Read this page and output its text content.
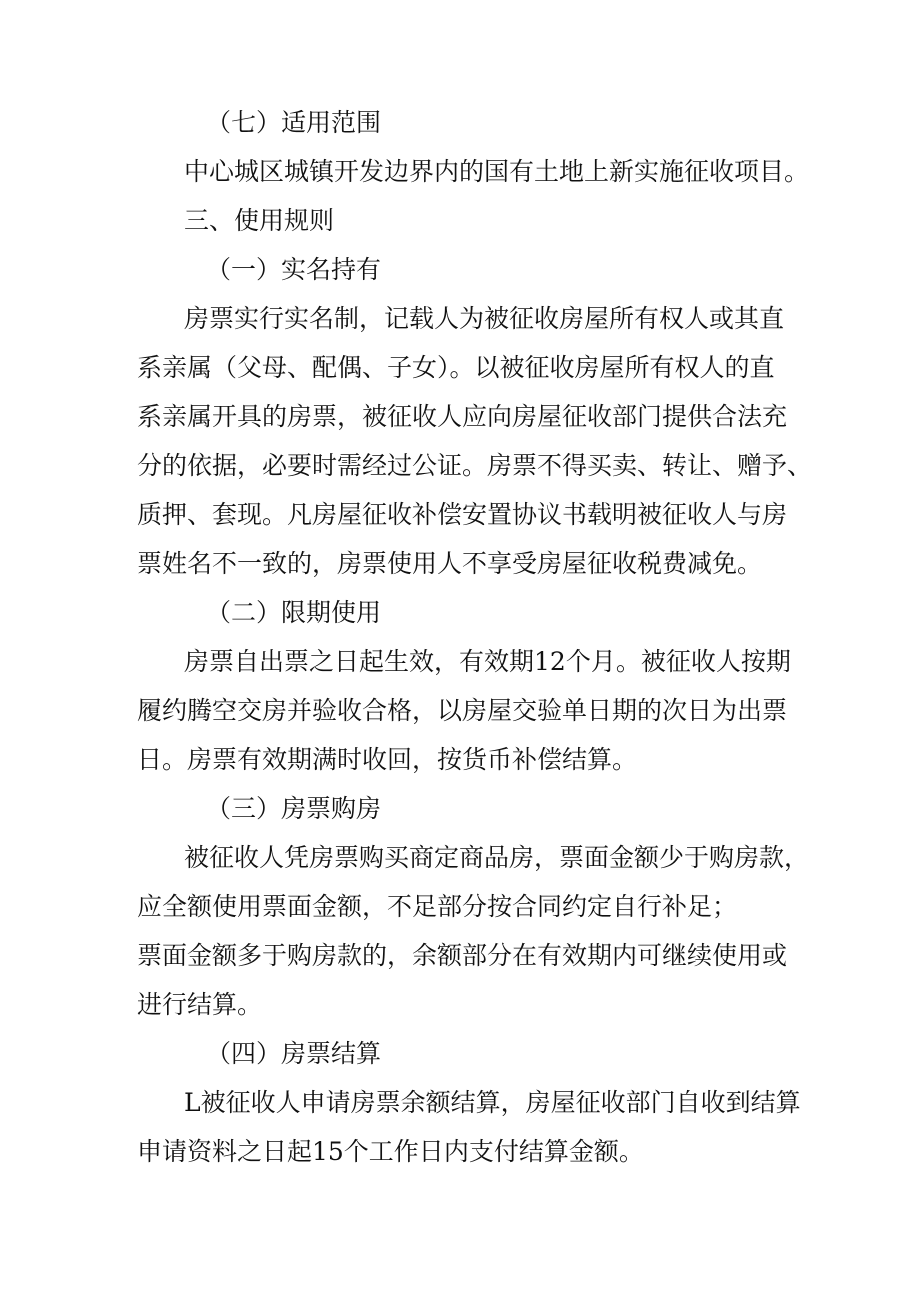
（七）适用范围
中心城区城镇开发边界内的国有土地上新实施征收项目。
三、使用规则
（一）实名持有
房票实行实名制，记载人为被征收房屋所有权人或其直
系亲属（父母、配偶、子女）。以被征收房屋所有权人的直
系亲属开具的房票，被征收人应向房屋征收部门提供合法充
分的依据，必要时需经过公证。房票不得买卖、转让、赠予、
质押、套现。凡房屋征收补偿安置协议书载明被征收人与房
票姓名不一致的，房票使用人不享受房屋征收税费减免。
（二）限期使用
房票自出票之日起生效，有效期12个月。被征收人按期
履约腾空交房并验收合格，以房屋交验单日期的次日为出票
日。房票有效期满时收回，按货币补偿结算。
（三）房票购房
被征收人凭房票购买商定商品房，票面金额少于购房款，
应全额使用票面金额，不足部分按合同约定自行补足；
票面金额多于购房款的，余额部分在有效期内可继续使用或
进行结算。
（四）房票结算
L被征收人申请房票余额结算，房屋征收部门自收到结算
申请资料之日起15个工作日内支付结算金额。
